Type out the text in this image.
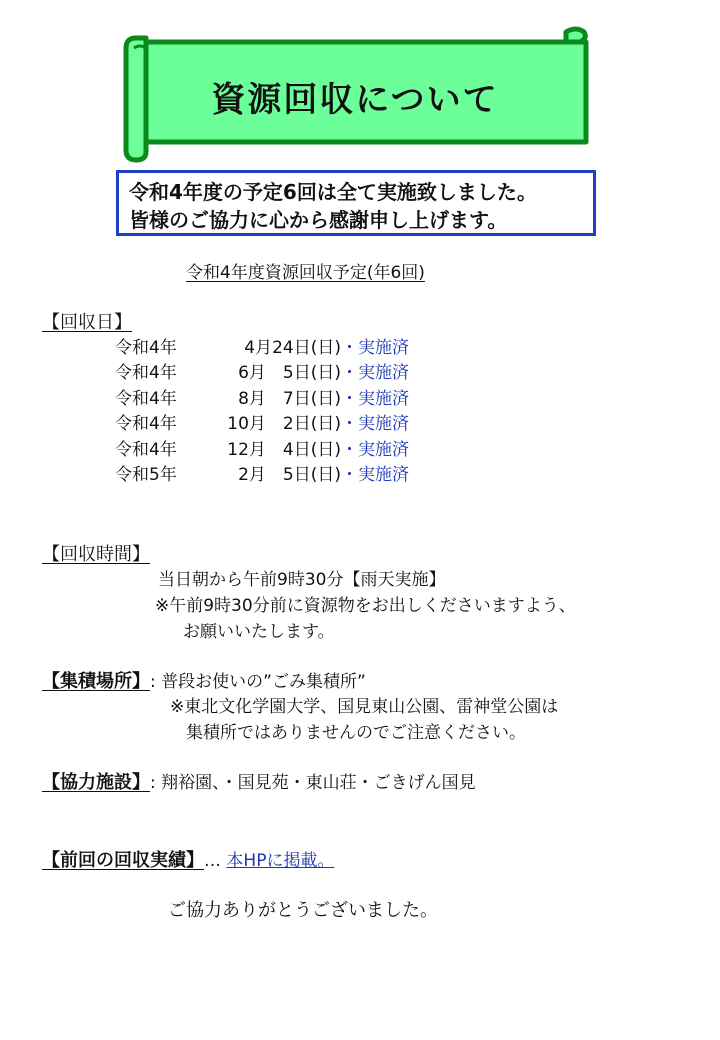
資源回収について
令和4年度の予定6回は全て実施致しました。
皆様のご協力に心から感謝申し上げます。
令和4年度資源回収予定(年6回)
【回収日】
令和4年	4月24日(日) ・ 実施済
令和4年	6月　5日(日) ・ 実施済
令和4年	8月　7日(日) ・ 実施済
令和4年	10月　2日(日) ・ 実施済
令和4年	12月　4日(日) ・ 実施済
令和5年	2月　5日(日) ・ 実施済
【回収時間】
当日朝から午前9時30分【雨天実施】
※午前9時30分前に資源物をお出しくださいますよう、
お願いいたします。
【集積場所】: 普段お使いの”ごみ集積所”
※東北文化学園大学、国見東山公園、雷神堂公園は
集積所ではありませんのでご注意ください。
【協力施設】: 翔裕園、・国見苑・東山荘・ごきげん国見
【前回の回収実績】… 本HPに掲載。
ご協力ありがとうございました。
